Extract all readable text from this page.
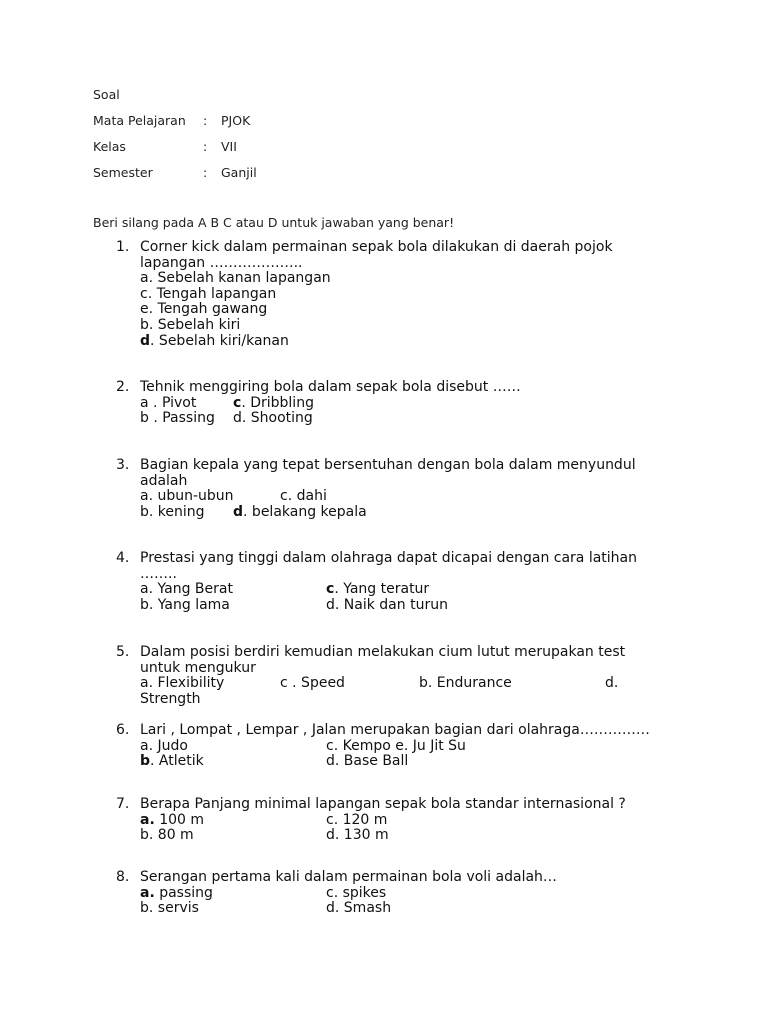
Soal
Mata Pelajaran : PJOK
Kelas	: VII
Semester	: Ganjil
Beri silang pada A B C atau D untuk jawaban yang benar!
1. Corner kick dalam permainan sepak bola dilakukan di daerah pojok lapangan ………………..
a. Sebelah kanan lapangan
c. Tengah lapangan
e. Tengah gawang
b. Sebelah kiri
d. Sebelah kiri/kanan
2. Tehnik menggiring bola dalam sepak bola disebut ……
a . Pivot	c. Dribbling
b . Passing d. Shooting
3. Bagian kepala yang tepat bersentuhan dengan bola dalam menyundul adalah
a. ubun-ubun	c. dahi
b. kening d. belakang kepala
4. Prestasi yang tinggi dalam olahraga dapat dicapai dengan cara latihan ……..
a. Yang Berat	c. Yang teratur
b. Yang lama	d. Naik dan turun
5. Dalam posisi berdiri kemudian melakukan cium lutut merupakan test untuk mengukur
a. Flexibility	c . Speed	b. Endurance	d.
Strength
6. Lari , Lompat , Lempar , Jalan merupakan bagian dari olahraga……………
a. Judo	c. Kempo e. Ju Jit Su
b. Atletik	d. Base Ball
7. Berapa Panjang minimal lapangan sepak bola standar internasional ?
a. 100 m	c. 120 m
b. 80 m	d. 130 m
8. Serangan pertama kali dalam permainan bola voli adalah…
a. passing	c. spikes
b. servis	d. Smash
